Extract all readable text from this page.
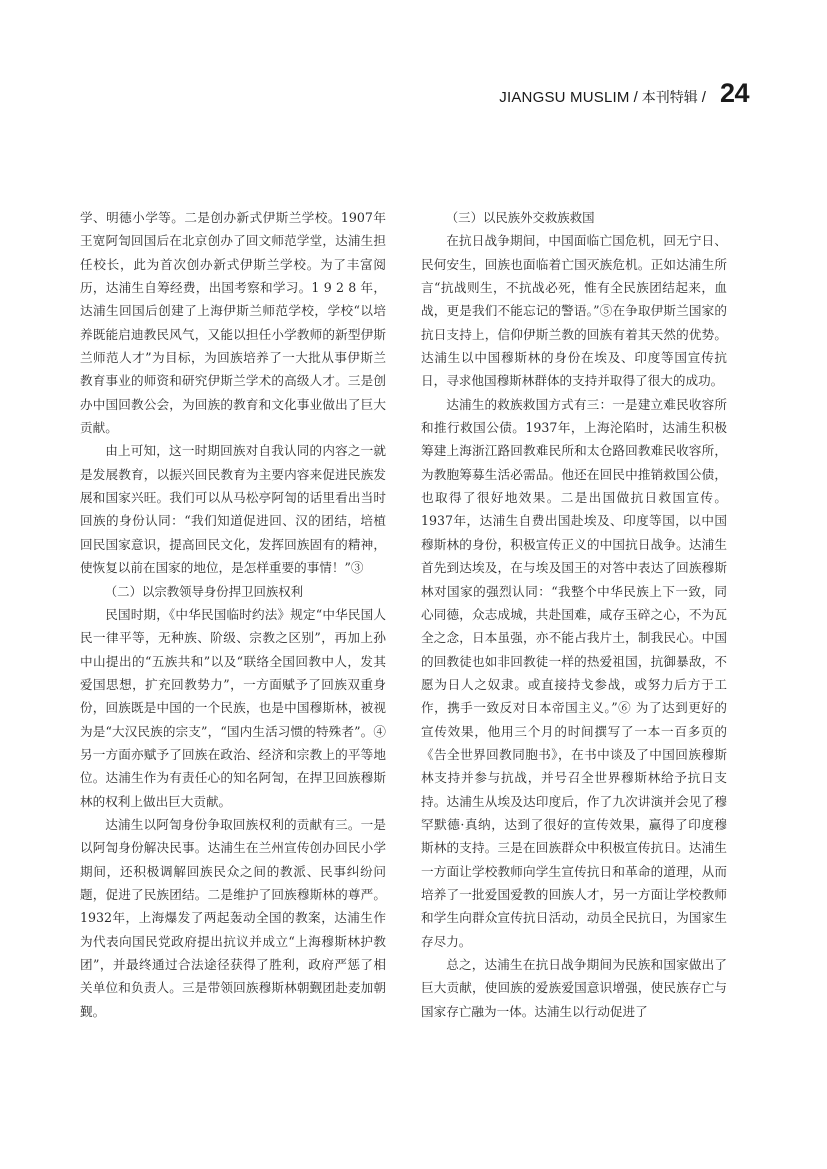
JIANGSU MUSLIM / 本刊特辑 / 24

学、明德小学等。二是创办新式伊斯兰学校。1907年王宽阿訇回国后在北京创办了回文师范学堂，达浦生担任校长，此为首次创办新式伊斯兰学校。为了丰富阅历，达浦生自筹经费，出国考察和学习。1 9 2 8 年，达浦生回国后创建了上海伊斯兰师范学校，学校“以培养既能启迪教民风气，又能以担任小学教师的新型伊斯兰师范人才”为目标，为回族培养了一大批从事伊斯兰教育事业的师资和研究伊斯兰学术的高级人才。三是创办中国回教公会，为回族的教育和文化事业做出了巨大贡献。

由上可知，这一时期回族对自我认同的内容之一就是发展教育，以振兴回民教育为主要内容来促进民族发展和国家兴旺。我们可以从马松亭阿訇的话里看出当时回族的身份认同：“我们知道促进回、汉的团结，培植回民国家意识，提高回民文化，发挥回族固有的精神，使恢复以前在国家的地位，是怎样重要的事情！”③

（二）以宗教领导身份捍卫回族权利

民国时期，《中华民国临时约法》规定“中华民国人民一律平等，无种族、阶级、宗教之区别”，再加上孙中山提出的“五族共和”以及“联络全国回教中人，发其爱国思想，扩充回教势力”，一方面赋予了回族双重身份，回族既是中国的一个民族，也是中国穆斯林，被视为是“大汉民族的宗支”，“国内生活习惯的特殊者”。④另一方面亦赋予了回族在政治、经济和宗教上的平等地位。达浦生作为有责任心的知名阿訇，在捍卫回族穆斯林的权利上做出巨大贡献。

达浦生以阿訇身份争取回族权利的贡献有三。一是以阿訇身份解决民事。达浦生在兰州宣传创办回民小学期间，还积极调解回族民众之间的教派、民事纠纷问题，促进了民族团结。二是维护了回族穆斯林的尊严。1932年，上海爆发了两起轰动全国的教案，达浦生作为代表向国民党政府提出抗议并成立“上海穆斯林护教团”，并最终通过合法途径获得了胜利，政府严惩了相关单位和负责人。三是带领回族穆斯林朝觐团赴麦加朝觐。

（三）以民族外交救族救国

在抗日战争期间，中国面临亡国危机，回无宁日、民何安生，回族也面临着亡国灭族危机。正如达浦生所言“抗战则生，不抗战必死，惟有全民族团结起来，血战，更是我们不能忘记的警语。”⑤在争取伊斯兰国家的抗日支持上，信仰伊斯兰教的回族有着其天然的优势。达浦生以中国穆斯林的身份在埃及、印度等国宣传抗日，寻求他国穆斯林群体的支持并取得了很大的成功。

达浦生的救族救国方式有三：一是建立难民收容所和推行救国公债。1937年，上海沦陷时，达浦生积极筹建上海浙江路回教难民所和太仓路回教难民收容所，为教胞筹募生活必需品。他还在回民中推销救国公债，也取得了很好地效果。二是出国做抗日救国宣传。1937年，达浦生自费出国赴埃及、印度等国，以中国穆斯林的身份，积极宣传正义的中国抗日战争。达浦生首先到达埃及，在与埃及国王的对答中表达了回族穆斯林对国家的强烈认同：“我整个中华民族上下一致，同心同德，众志成城，共赴国难，咸存玉碎之心，不为瓦全之念，日本虽强，亦不能占我片土，制我民心。中国的回教徒也如非回教徒一样的热爱祖国，抗御暴敌，不愿为日人之奴隶。或直接持戈参战，或努力后方于工作，携手一致反对日本帝国主义。”⑥ 为了达到更好的宣传效果，他用三个月的时间撰写了一本一百多页的《告全世界回教同胞书》，在书中谈及了中国回族穆斯林支持并参与抗战，并号召全世界穆斯林给予抗日支持。达浦生从埃及达印度后，作了九次讲演并会见了穆罕默德·真纳，达到了很好的宣传效果，赢得了印度穆斯林的支持。三是在回族群众中积极宣传抗日。达浦生一方面让学校教师向学生宣传抗日和革命的道理，从而培养了一批爱国爱教的回族人才，另一方面让学校教师和学生向群众宣传抗日活动，动员全民抗日，为国家生存尽力。

总之，达浦生在抗日战争期间为民族和国家做出了巨大贡献，使回族的爱族爱国意识增强，使民族存亡与国家存亡融为一体。达浦生以行动促进了
